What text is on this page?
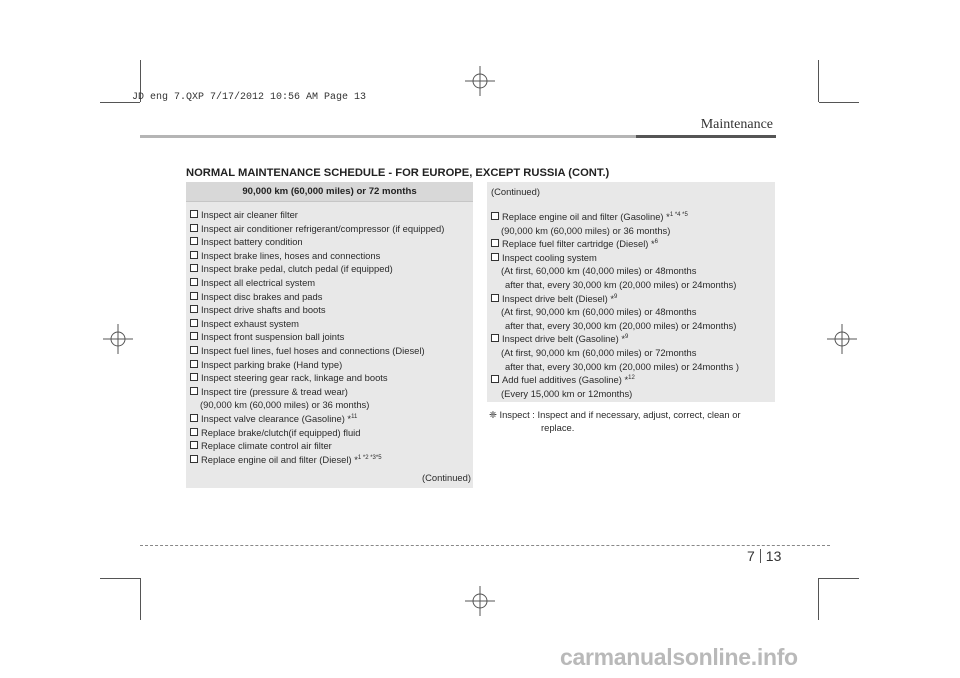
JD eng 7.QXP 7/17/2012 10:56 AM Page 13
Maintenance
NORMAL MAINTENANCE SCHEDULE - FOR EUROPE, EXCEPT RUSSIA (CONT.)
90,000 km (60,000 miles) or 72 months
Inspect air cleaner filter
Inspect air conditioner refrigerant/compressor (if equipped)
Inspect battery condition
Inspect brake lines, hoses and connections
Inspect brake pedal, clutch pedal (if equipped)
Inspect all electrical system
Inspect disc brakes and pads
Inspect drive shafts and boots
Inspect exhaust system
Inspect front suspension ball joints
Inspect fuel lines, fuel hoses and connections (Diesel)
Inspect parking brake (Hand type)
Inspect steering gear rack, linkage and boots
Inspect tire (pressure & tread wear)
(90,000 km (60,000 miles) or 36 months)
Inspect valve clearance (Gasoline) *$^{11}$
Replace brake/clutch(if equipped) fluid
Replace climate control air filter
Replace engine oil and filter (Diesel) *$^{1 *2 *3*5}$
(Continued)
(Continued)
Replace engine oil and filter (Gasoline) *$^{1 *4 *5}$
(90,000 km (60,000 miles) or 36 months)
Replace fuel filter cartridge (Diesel) *$^6$
Inspect cooling system
(At first, 60,000 km (40,000 miles) or 48months
after that, every 30,000 km (20,000 miles) or 24months)
Inspect drive belt (Diesel) *$^9$
(At first, 90,000 km (60,000 miles) or 48months
after that, every 30,000 km (20,000 miles) or 24months)
Inspect drive belt (Gasoline) *$^9$
(At first, 90,000 km (60,000 miles) or 72months
after that, every 30,000 km (20,000 miles) or 24months )
Add fuel additives (Gasoline) *$^{12}$
(Every 15,000 km or 12months)
❈ Inspect : Inspect and if necessary, adjust, correct, clean or
replace.
7 13
carmanualsonline.info
